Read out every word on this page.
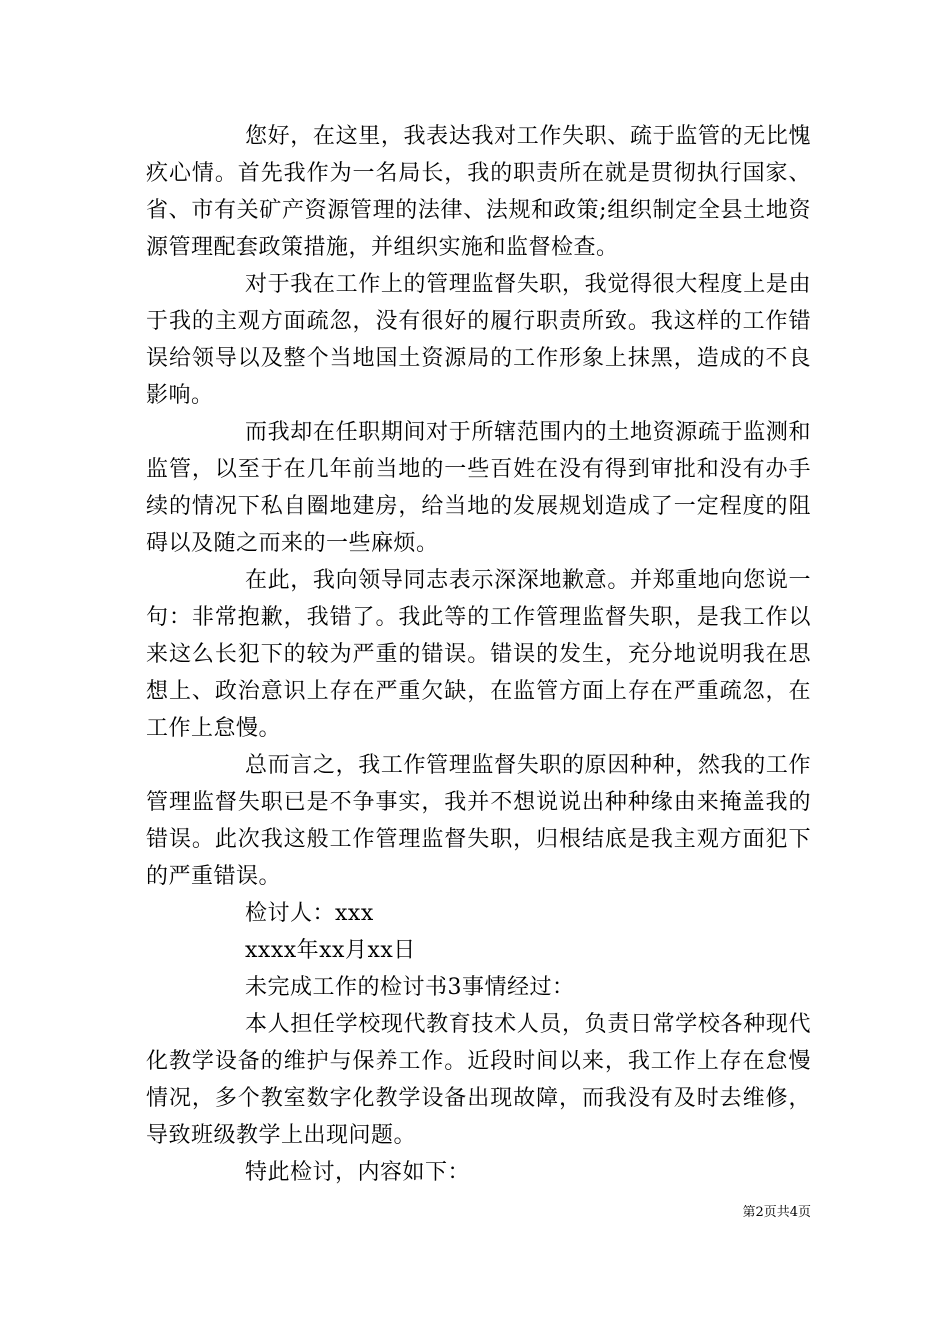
您好，在这里，我表达我对工作失职、疏于监管的无比愧疚心情。首先我作为一名局长，我的职责所在就是贯彻执行国家、省、市有关矿产资源管理的法律、法规和政策;组织制定全县土地资源管理配套政策措施，并组织实施和监督检查。

对于我在工作上的管理监督失职，我觉得很大程度上是由于我的主观方面疏忽，没有很好的履行职责所致。我这样的工作错误给领导以及整个当地国土资源局的工作形象上抹黑，造成的不良影响。

而我却在任职期间对于所辖范围内的土地资源疏于监测和监管，以至于在几年前当地的一些百姓在没有得到审批和没有办手续的情况下私自圈地建房，给当地的发展规划造成了一定程度的阻碍以及随之而来的一些麻烦。

在此，我向领导同志表示深深地歉意。并郑重地向您说一句：非常抱歉，我错了。我此等的工作管理监督失职，是我工作以来这么长犯下的较为严重的错误。错误的发生，充分地说明我在思想上、政治意识上存在严重欠缺，在监管方面上存在严重疏忽，在工作上怠慢。

总而言之，我工作管理监督失职的原因种种，然我的工作管理监督失职已是不争事实，我并不想说说出种种缘由来掩盖我的错误。此次我这般工作管理监督失职，归根结底是我主观方面犯下的严重错误。

检讨人：xxx

xxxx年xx月xx日

未完成工作的检讨书3事情经过：

本人担任学校现代教育技术人员，负责日常学校各种现代化教学设备的维护与保养工作。近段时间以来，我工作上存在怠慢情况，多个教室数字化教学设备出现故障，而我没有及时去维修，导致班级教学上出现问题。

特此检讨，内容如下：

第2页共4页
